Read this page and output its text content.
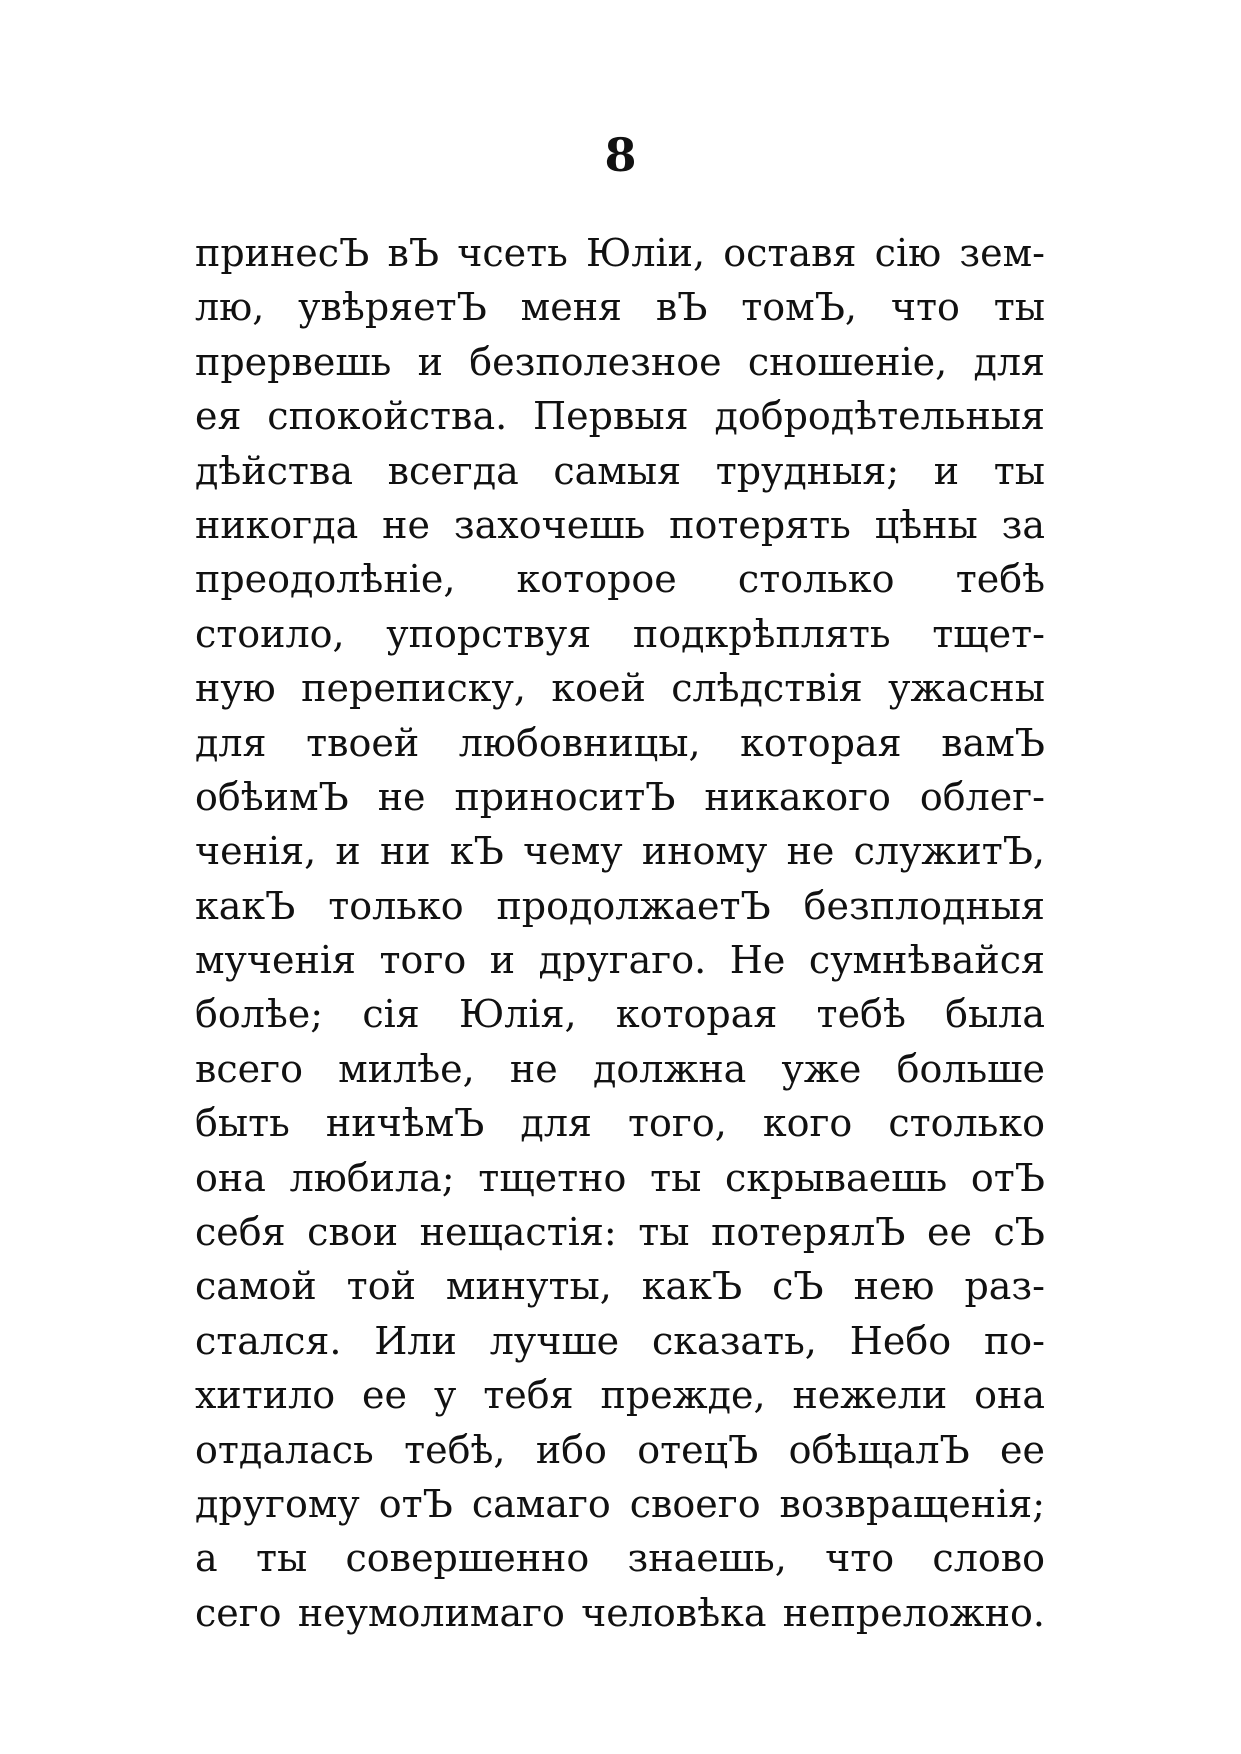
8
принесЪ вЪ чсеть Юліи, оставя сію зем-
лю, увѣряетЪ меня вЪ томЪ, что ты
прервешь и безполезное сношеніе, для
ея спокойства. Первыя добродѣтельныя
дѣйства всегда самыя трудныя; и ты
никогда не захочешь потерять цѣны за
преодолѣніе, которое столько тебѣ
стоило, упорствуя подкрѣплять тщет-
ную переписку, коей слѣдствія ужасны
для твоей любовницы, которая вамЪ
обѣимЪ не приноситЪ никакого облег-
ченія, и ни кЪ чему иному не служитЪ,
какЪ только продолжаетЪ безплодныя
мученія того и другаго. Не сумнѣвайся
болѣе; сія Юлія, которая тебѣ была
всего милѣе, не должна уже больше
быть ничѣмЪ для того, кого столько
она любила; тщетно ты скрываешь отЪ
себя свои нещастія: ты потерялЪ ее сЪ
самой той минуты, какЪ сЪ нею раз-
стался. Или лучше сказать, Небо по-
хитило ее у тебя прежде, нежели она
отдалась тебѣ, ибо отецЪ обѣщалЪ ее
другому отЪ самаго своего возвращенія;
а ты совершенно знаешь, что слово
сего неумолимаго человѣка непреложно.
